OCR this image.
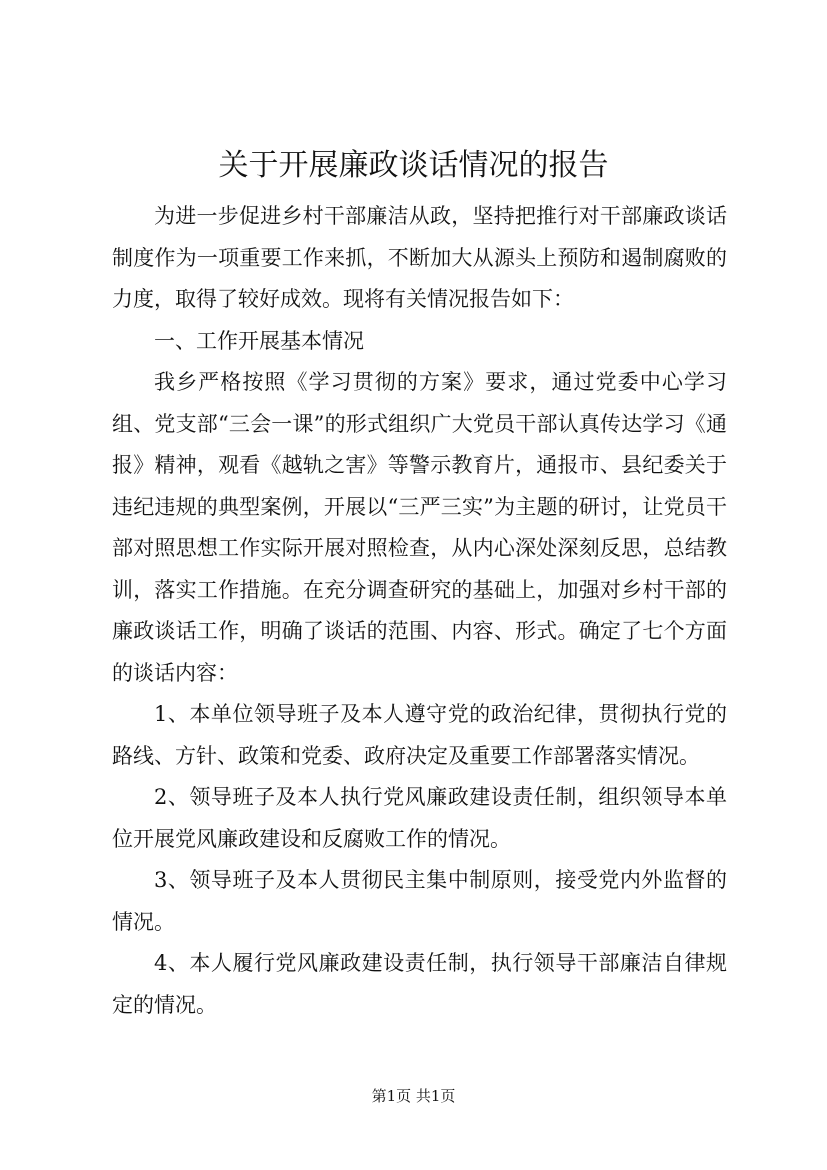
关于开展廉政谈话情况的报告

为进一步促进乡村干部廉洁从政，坚持把推行对干部廉政谈话制度作为一项重要工作来抓，不断加大从源头上预防和遏制腐败的力度，取得了较好成效。现将有关情况报告如下：

一、工作开展基本情况

我乡严格按照《学习贯彻的方案》要求，通过党委中心学习组、党支部“三会一课”的形式组织广大党员干部认真传达学习《通报》精神，观看《越轨之害》等警示教育片，通报市、县纪委关于违纪违规的典型案例，开展以“三严三实”为主题的研讨，让党员干部对照思想工作实际开展对照检查，从内心深处深刻反思，总结教训，落实工作措施。在充分调查研究的基础上，加强对乡村干部的廉政谈话工作，明确了谈话的范围、内容、形式。确定了七个方面的谈话内容：

1、本单位领导班子及本人遵守党的政治纪律，贯彻执行党的路线、方针、政策和党委、政府决定及重要工作部署落实情况。

2、领导班子及本人执行党风廉政建设责任制，组织领导本单位开展党风廉政建设和反腐败工作的情况。

3、领导班子及本人贯彻民主集中制原则，接受党内外监督的情况。

4、本人履行党风廉政建设责任制，执行领导干部廉洁自律规定的情况。

第1页 共1页
